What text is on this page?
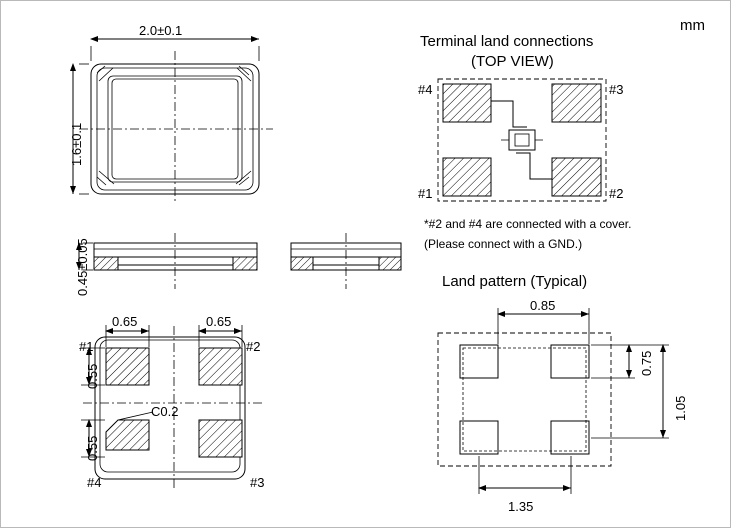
mm
2.0±0.1
1.6±0.1
0.45±0.05
0.65	0.65
0.55
0.55
C0.2
#1	#2
#3
#4
Terminal land connections
(TOP VIEW)
#4	#3
#1	#2
*#2 and #4 are connected with a cover.
(Please connect with a GND.)
Land pattern (Typical)
0.85
0.75
1.05
1.35
